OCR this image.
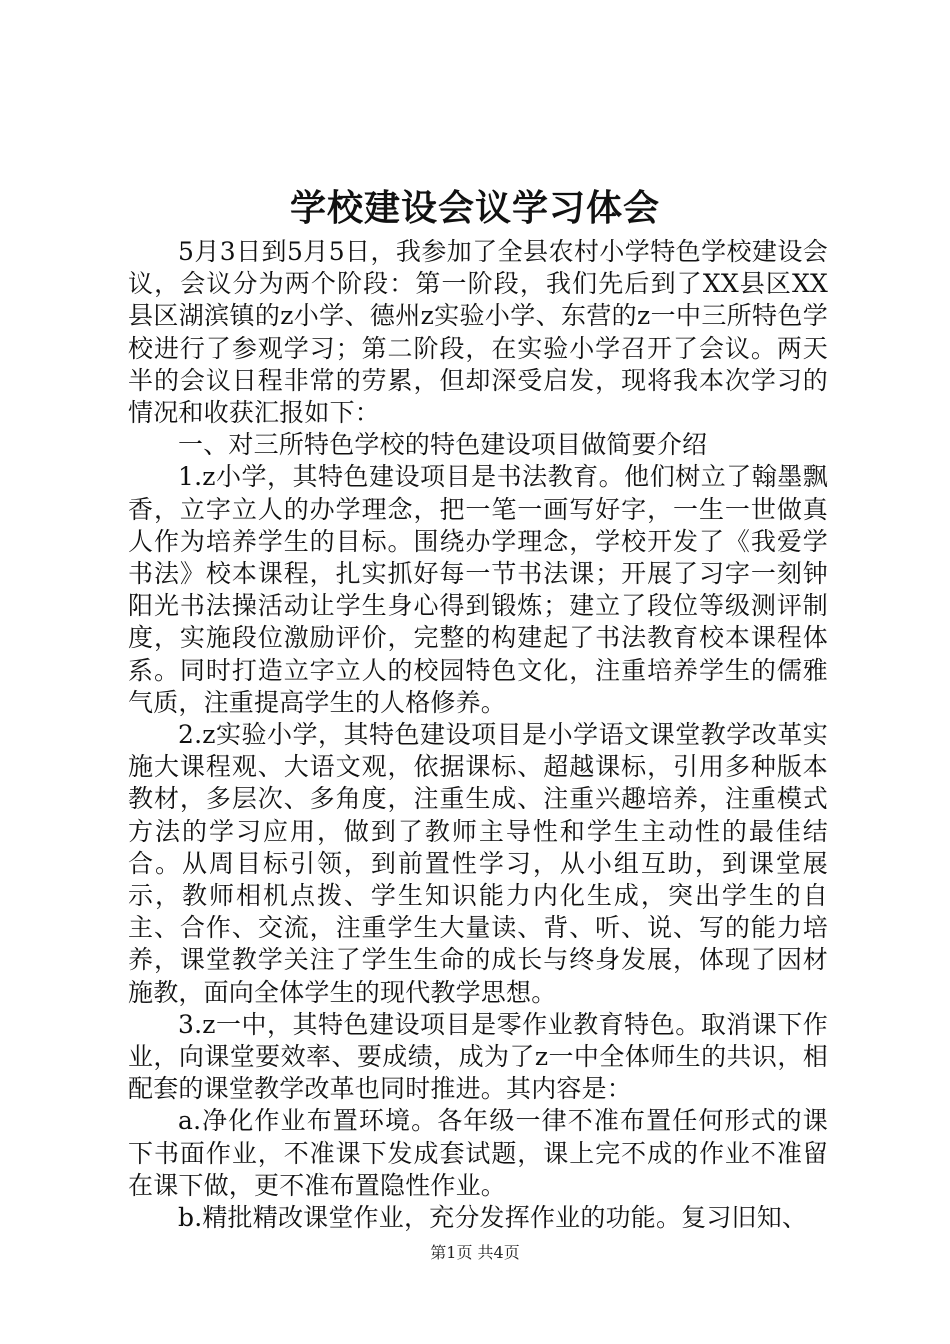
学校建设会议学习体会

5月3日到5月5日，我参加了全县农村小学特色学校建设会议，会议分为两个阶段：第一阶段，我们先后到了XX县区XX县区湖滨镇的z小学、德州z实验小学、东营的z一中三所特色学校进行了参观学习；第二阶段，在实验小学召开了会议。两天半的会议日程非常的劳累，但却深受启发，现将我本次学习的情况和收获汇报如下：

一、对三所特色学校的特色建设项目做简要介绍

1.z小学，其特色建设项目是书法教育。他们树立了翰墨飘香，立字立人的办学理念，把一笔一画写好字，一生一世做真人作为培养学生的目标。围绕办学理念，学校开发了《我爱学书法》校本课程，扎实抓好每一节书法课；开展了习字一刻钟阳光书法操活动让学生身心得到锻炼；建立了段位等级测评制度，实施段位激励评价，完整的构建起了书法教育校本课程体系。同时打造立字立人的校园特色文化，注重培养学生的儒雅气质，注重提高学生的人格修养。

2.z实验小学，其特色建设项目是小学语文课堂教学改革实施大课程观、大语文观，依据课标、超越课标，引用多种版本教材，多层次、多角度，注重生成、注重兴趣培养，注重模式方法的学习应用，做到了教师主导性和学生主动性的最佳结合。从周目标引领，到前置性学习，从小组互助，到课堂展示，教师相机点拨、学生知识能力内化生成，突出学生的自主、合作、交流，注重学生大量读、背、听、说、写的能力培养，课堂教学关注了学生生命的成长与终身发展，体现了因材施教，面向全体学生的现代教学思想。

3.z一中，其特色建设项目是零作业教育特色。取消课下作业，向课堂要效率、要成绩，成为了z一中全体师生的共识，相配套的课堂教学改革也同时推进。其内容是：

a.净化作业布置环境。各年级一律不准布置任何形式的课下书面作业，不准课下发成套试题，课上完不成的作业不准留在课下做，更不准布置隐性作业。

b.精批精改课堂作业，充分发挥作业的功能。复习旧知、

第1页 共4页
